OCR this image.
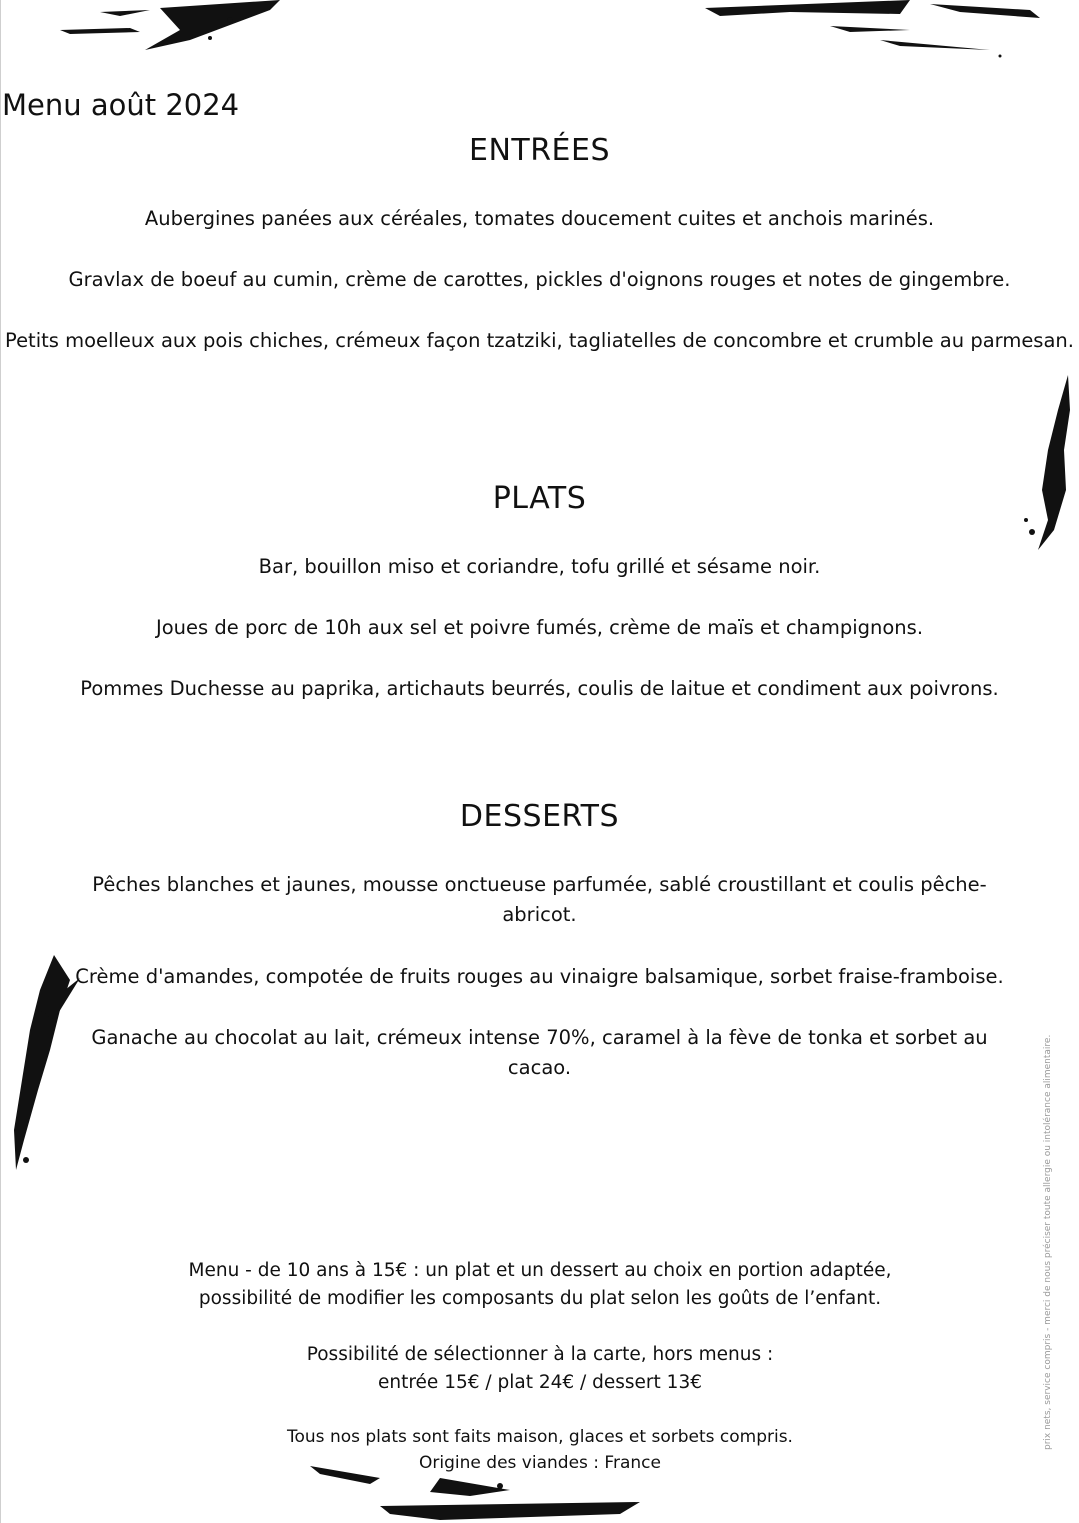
Menu août 2024
ENTRÉES

Aubergines panées aux céréales, tomates doucement cuites et anchois marinés.

Gravlax de boeuf au cumin, crème de carottes, pickles d'oignons rouges et notes de gingembre.

Petits moelleux aux pois chiches, crémeux façon tzatziki, tagliatelles de concombre et crumble au parmesan.

PLATS

Bar, bouillon miso et coriandre, tofu grillé et sésame noir.

Joues de porc de 10h aux sel et poivre fumés, crème de maïs et champignons.

Pommes Duchesse au paprika, artichauts beurrés, coulis de laitue et condiment aux poivrons.

DESSERTS

Pêches blanches et jaunes, mousse onctueuse parfumée, sablé croustillant et coulis pêche-abricot.

Crème d'amandes, compotée de fruits rouges au vinaigre balsamique, sorbet fraise-framboise.

Ganache au chocolat au lait, crémeux intense 70%, caramel à la fève de tonka et sorbet au cacao.

Menu - de 10 ans à 15€ : un plat et un dessert au choix en portion adaptée,

possibilité de modifier les composants du plat selon les goûts de l’enfant.

Possibilité de sélectionner à la carte, hors menus :

entrée 15€ / plat 24€ / dessert 13€

Tous nos plats sont faits maison, glaces et sorbets compris.

Origine des viandes : France

prix nets, service compris - merci de nous préciser toute allergie ou intolérance alimentaire.
